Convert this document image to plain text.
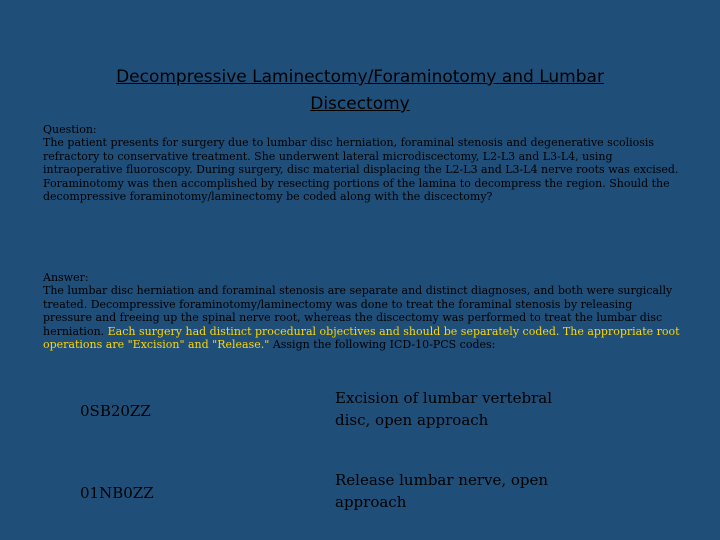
Decompressive Laminectomy/Foraminotomy and Lumbar Discectomy
Question:
The patient presents for surgery due to lumbar disc herniation, foraminal stenosis and degenerative scoliosis refractory to conservative treatment. She underwent lateral microdiscectomy, L2-L3 and L3-L4, using intraoperative fluoroscopy. During surgery, disc material displacing the L2-L3 and L3-L4 nerve roots was excised. Foraminotomy was then accomplished by resecting portions of the lamina to decompress the region. Should the decompressive foraminotomy/laminectomy be coded along with the discectomy?
Answer:
The lumbar disc herniation and foraminal stenosis are separate and distinct diagnoses, and both were surgically treated. Decompressive foraminotomy/laminectomy was done to treat the foraminal stenosis by releasing pressure and freeing up the spinal nerve root, whereas the discectomy was performed to treat the lumbar disc herniation. Each surgery had distinct procedural objectives and should be separately coded. The appropriate root operations are "Excision" and "Release." Assign the following ICD-10-PCS codes:
0SB20ZZ
Excision of lumbar vertebral disc, open approach
01NB0ZZ
Release lumbar nerve, open approach
